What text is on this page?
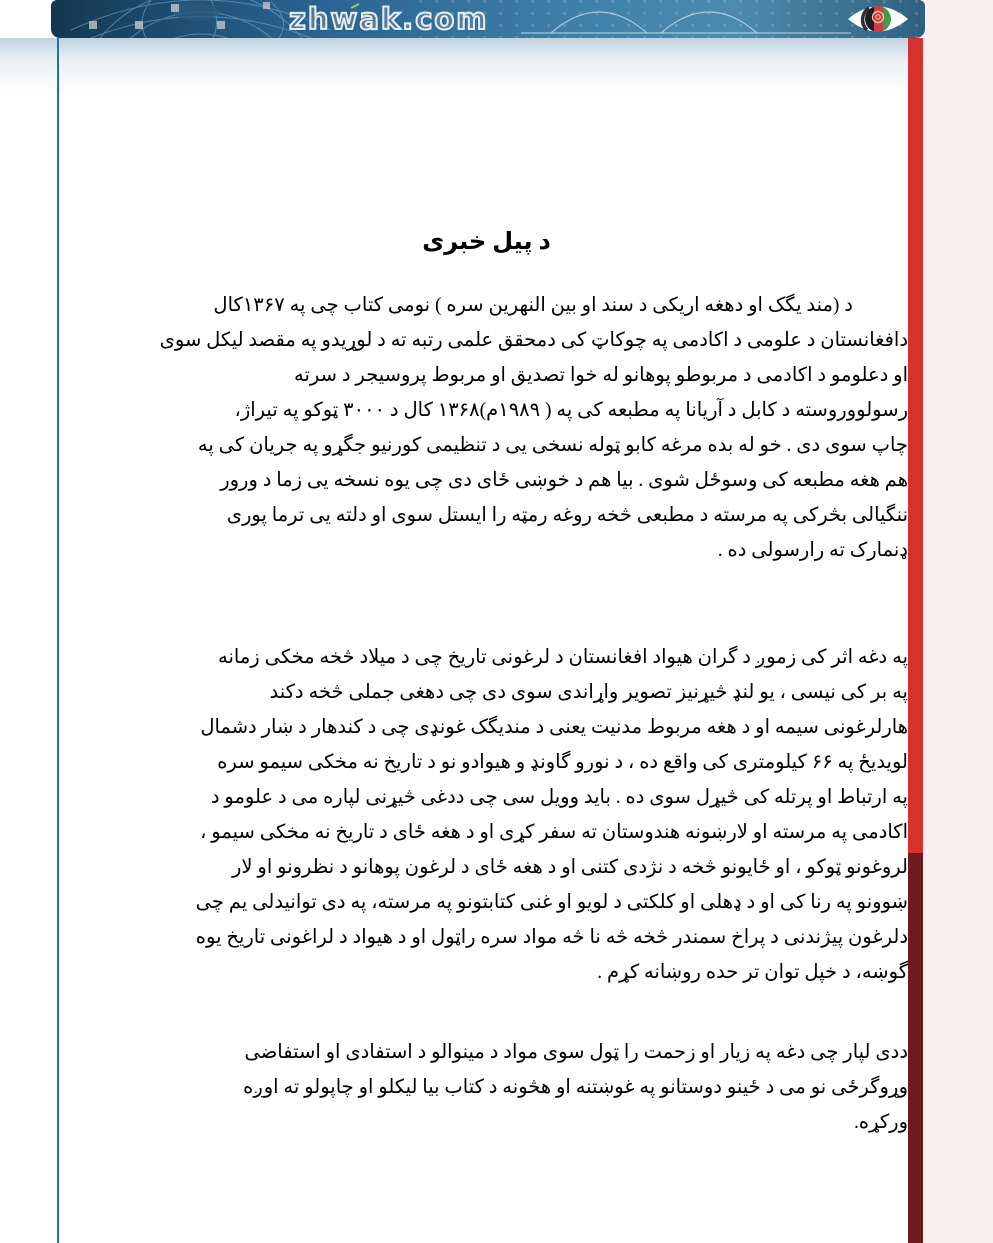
zhwak.com
د پیل خبری
د (مند یگک او دهغه اریکی د سند او بین النهرین سره ) نومی کتاب چی په ۱۳۶۷کال
دافغانستان د علومی د اکادمی په چوکاټ کی دمحقق علمی رتبه ته د لوړیدو په مقصد لیکل سوی
او دعلومو د اکادمی د مربوطو پوهانو له خوا تصدیق او مربوط پروسیجر د سرته
رسولووروسته د کابل د آریانا په مطبعه کی په ( ۱۹۸۹م)۱۳۶۸ کال د ۳۰۰۰ ټوکو په تیراژ،
چاپ سوی دی . خو له بده مرغه کابو ټوله نسخی یی د تنظیمی کورنیو جگړو په جریان کی په
هم هغه مطبعه کی وسوځل شوی . بیا هم د خوښی ځای دی چی یوه نسخه یی زما د ورور
ننگیالی بڅرکی په مرسته د مطبعی څخه روغه رمټه را ایستل سوی او دلته یی ترما پوری
ډنمارک ته رارسولی ده .
په دغه اثر کی زموږ د گران هیواد افغانستان د لرغونی تاریخ چی د میلاد څخه مخکی زمانه
په بر کی نیسی ، یو لنډ څیړنیز تصویر واړاندی سوی دی چی دهغی جملی څخه دکند
هارلرغونی سیمه او د هغه مربوط مدنیت یعنی د مندیگک غونډی چی د کندهار د ښار دشمال
لویدیځ په ۶۶ کیلومتری کی واقع ده ، د نورو گاونډ و هیوادو نو د تاریخ نه مخکی سیمو سره
په ارتباط او پرتله کی څیړل سوی ده . باید وویل سی چی ددغی څیړنی لپاره می د علومو د
اکادمی په مرسته او لارښونه هندوستان ته سفر کړی او د هغه ځای د تاریخ نه مخکی سیمو ،
لروغونو ټوکو ، او ځایونو څخه د نژدی کتنی او د هغه ځای د لرغون پوهانو د نظرونو او لار
ښوونو په رنا کی او د ډهلی او کلکتی د لویو او غنی کتابتونو په مرسته، په دی توانیدلی یم چی
دلرغون پیژندنی د پراخ سمندر څخه څه نا څه مواد سره راټول او د هیواد د لراغونی تاریخ یوه
گوښه، د خپل توان تر حده روښانه کړم .
ددی لپار چی دغه په زیار او زحمت را ټول سوی مواد د مینوالو د استفادی او استفاضی
وړوگرځی نو می د ځینو دوستانو په غوښتنه او هڅونه د کتاب بیا لیکلو او چاپولو ته اوږه
ورکړه.
